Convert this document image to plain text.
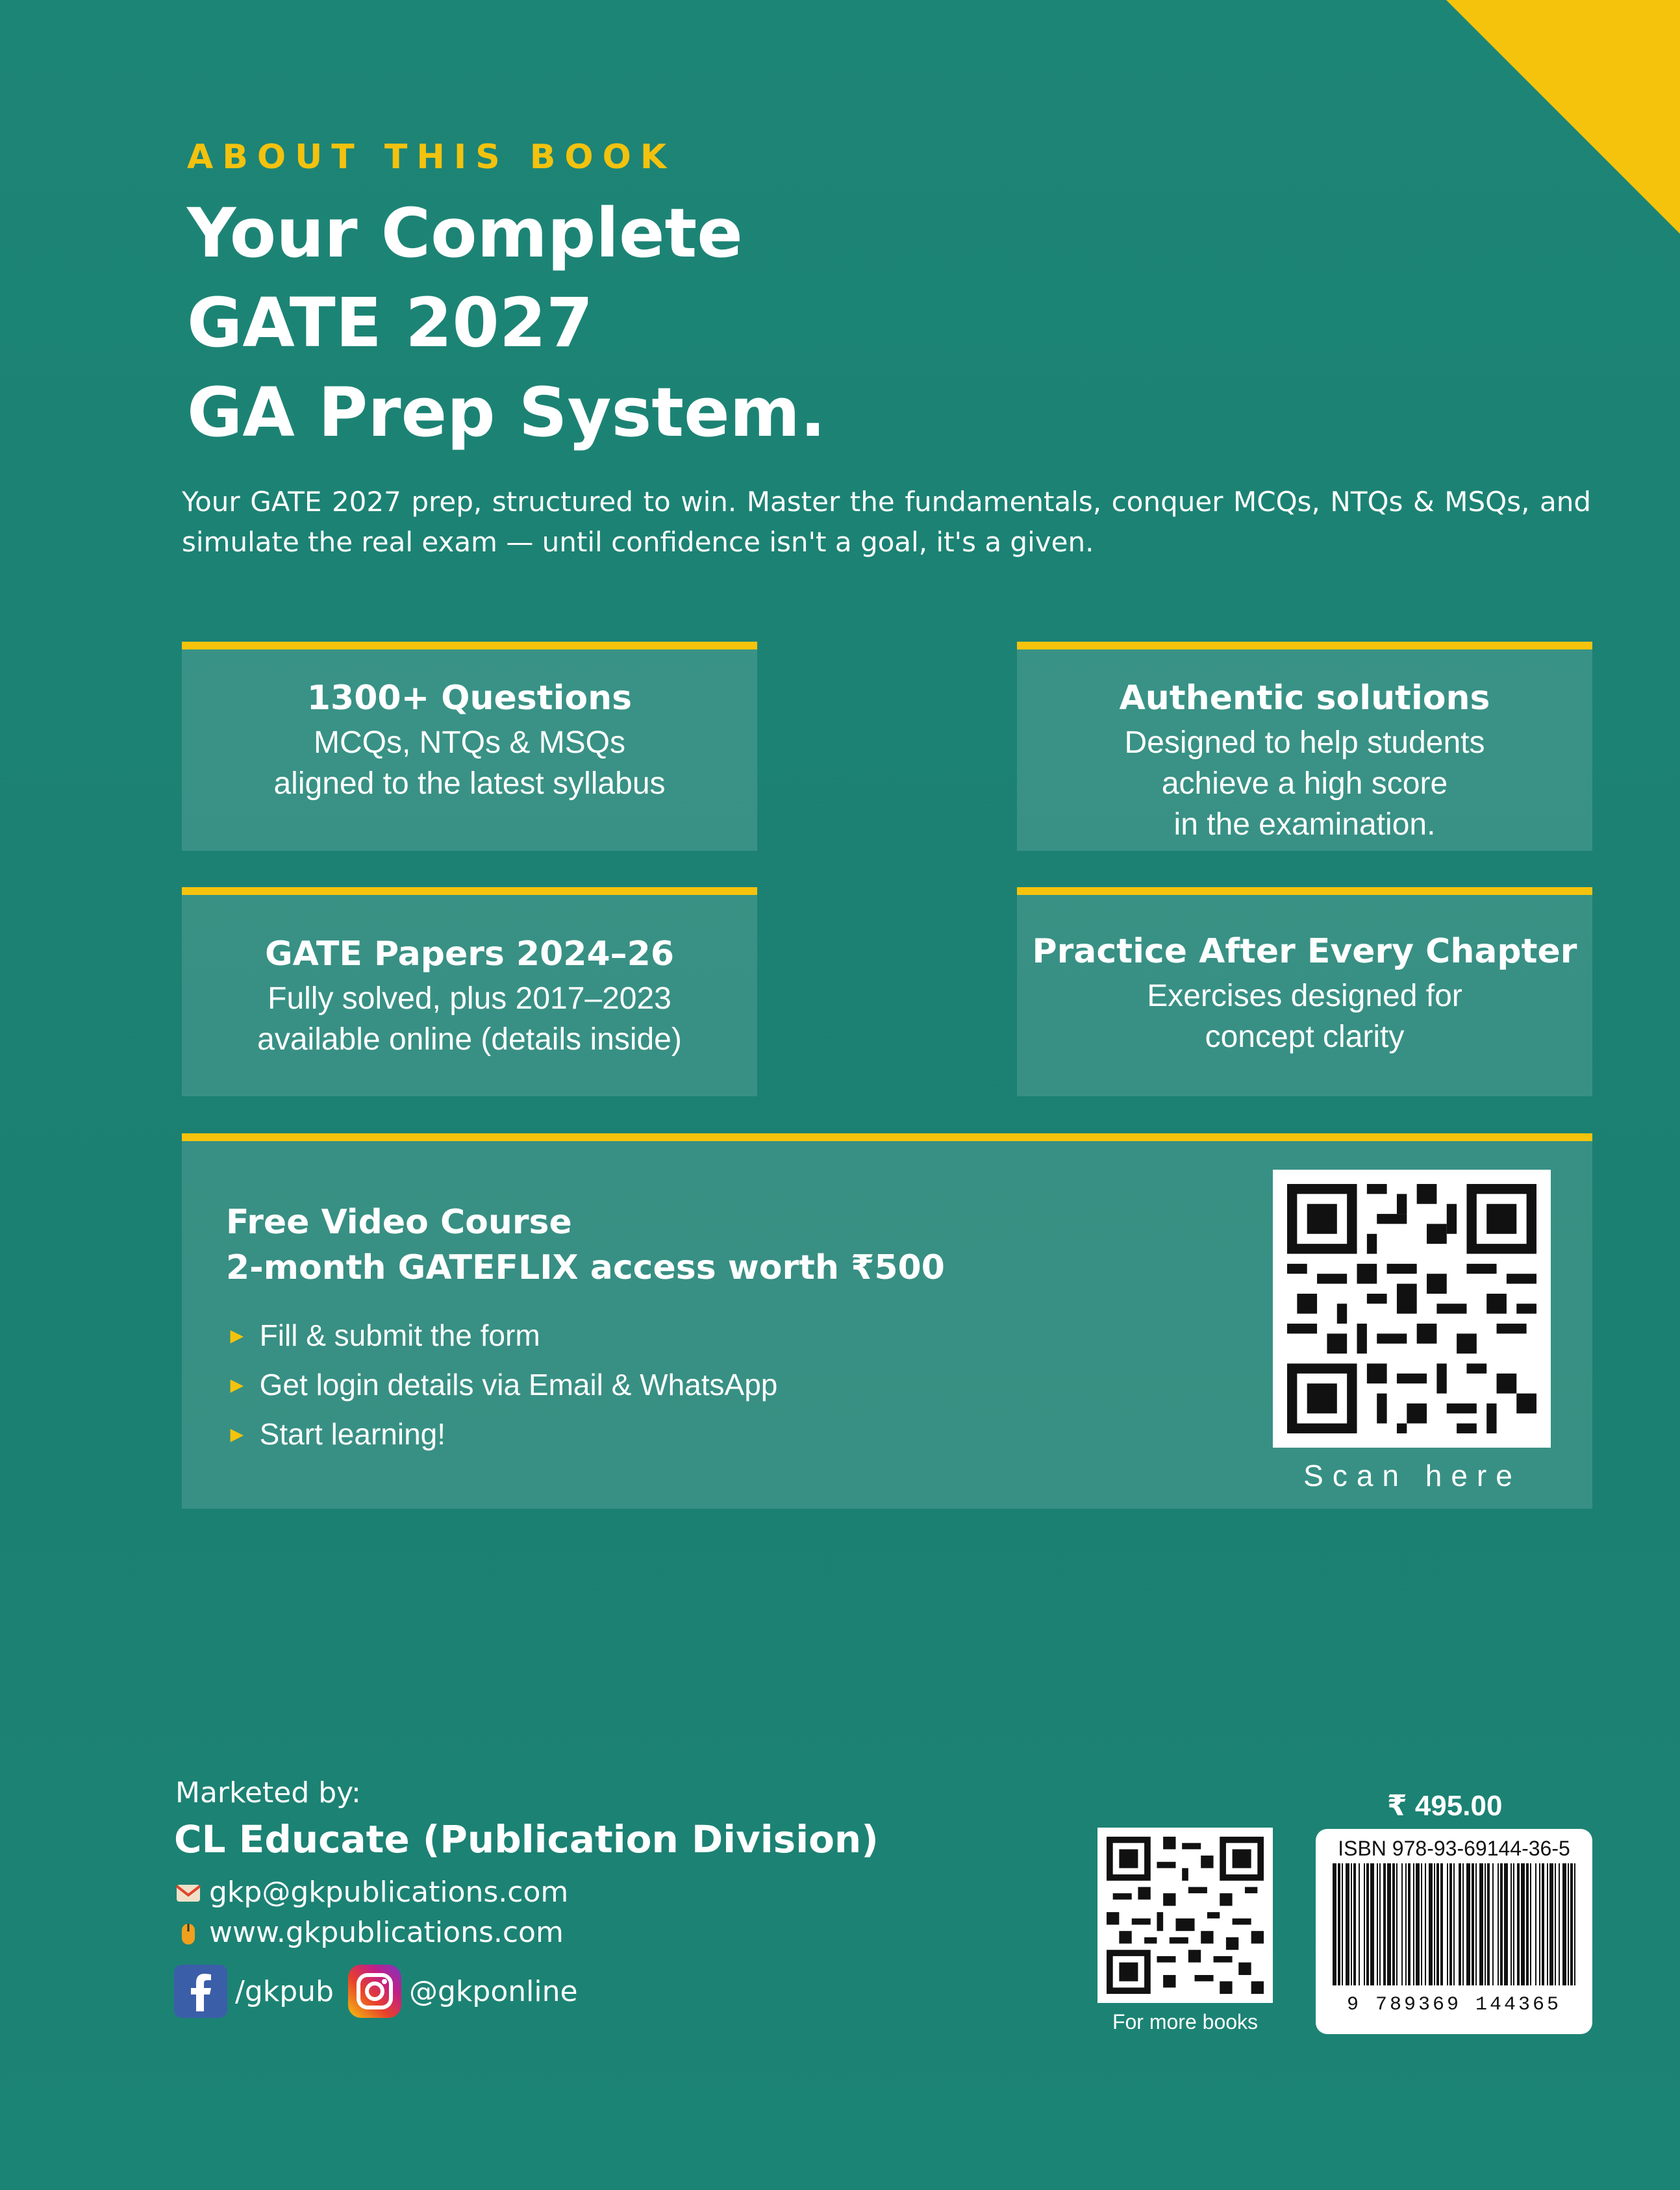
ABOUT THIS BOOK
Your Complete
GATE 2027
GA Prep System.
Your GATE 2027 prep, structured to win. Master the fundamentals, conquer MCQs, NTQs & MSQs, and simulate the real exam — until confidence isn't a goal, it's a given.
1300+ Questions
MCQs, NTQs & MSQs
aligned to the latest syllabus
Authentic solutions
Designed to help students
achieve a high score
in the examination.
GATE Papers 2024–26
Fully solved, plus 2017–2023
available online (details inside)
Practice After Every Chapter
Exercises designed for
concept clarity
Free Video Course
2-month GATEFLIX access worth ₹500
► Fill & submit the form
► Get login details via Email & WhatsApp
► Start learning!
Scan here
Marketed by:
CL Educate (Publication Division)
gkp@gkpublications.com
www.gkpublications.com
/gkpub	@gkponline
For more books
₹ 495.00
ISBN 978-93-69144-36-5
9 789369 144365
